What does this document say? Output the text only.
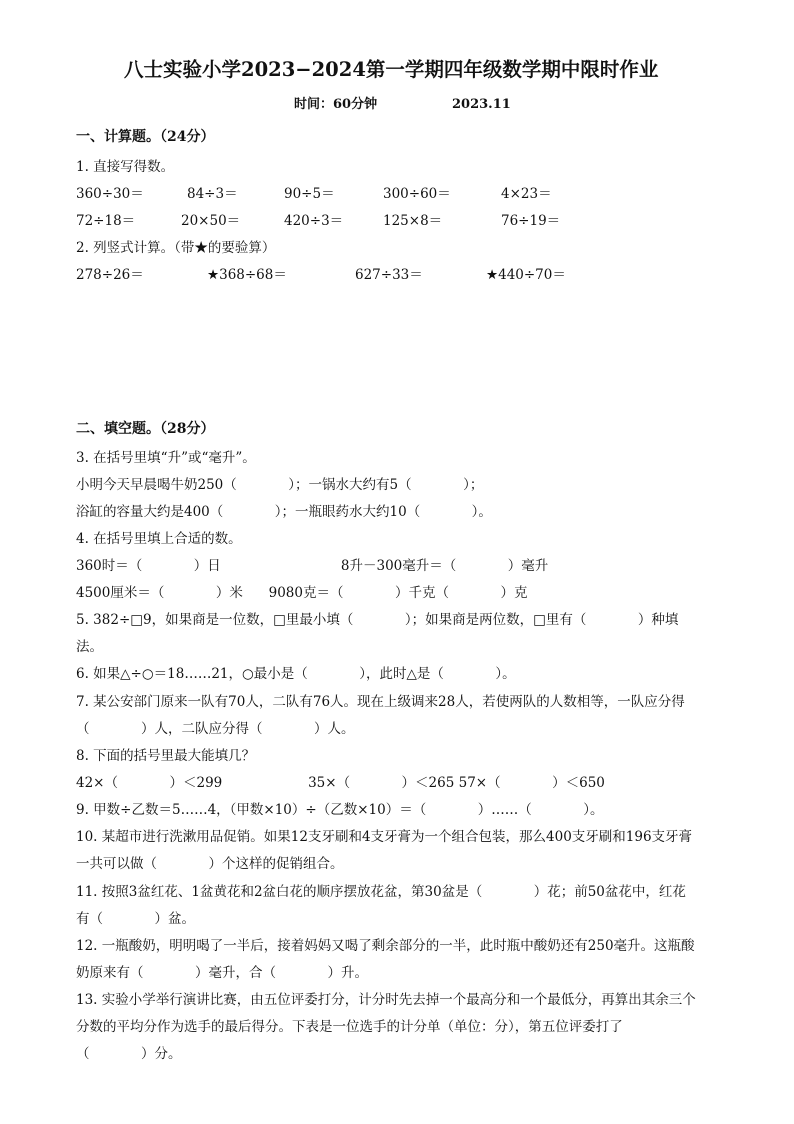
八士实验小学2023−2024第一学期四年级数学期中限时作业
时间：60分钟	2023.11
一、计算题。（24分）
1. 直接写得数。
360÷30＝	84÷3＝	90÷5＝	300÷60＝	4×23＝
72÷18＝	20×50＝	420÷3＝	125×8＝	76÷19＝
2. 列竖式计算。（带★的要验算）
278÷26＝	★368÷68＝	627÷33＝	★440÷70＝
二、填空题。（28分）
3. 在括号里填“升”或“毫升”。
小明今天早晨喝牛奶250（            ）；一锅水大约有5（            ）；
浴缸的容量大约是400（            ）；一瓶眼药水大约10（            ）。
4. 在括号里填上合适的数。
360时＝（            ）日                            8升－300毫升＝（            ）毫升
4500厘米＝（            ）米      9080克＝（            ）千克（            ）克
5. 382÷□9，如果商是一位数，□里最小填（            ）；如果商是两位数，□里有（            ）种填
法。
6. 如果△÷○＝18……21，○最小是（            ），此时△是（            ）。
7. 某公安部门原来一队有70人，二队有76人。现在上级调来28人，若使两队的人数相等，一队应分得
（            ）人，二队应分得（            ）人。
8. 下面的括号里最大能填几？
42×（            ）＜299                    35×（            ）＜265 57×（            ）＜650
9. 甲数÷乙数＝5……4，（甲数×10）÷（乙数×10）＝（            ）……（            ）。
10. 某超市进行洗漱用品促销。如果12支牙刷和4支牙膏为一个组合包装，那么400支牙刷和196支牙膏
一共可以做（            ）个这样的促销组合。
11. 按照3盆红花、1盆黄花和2盆白花的顺序摆放花盆，第30盆是（            ）花；前50盆花中，红花
有（            ）盆。
12. 一瓶酸奶，明明喝了一半后，接着妈妈又喝了剩余部分的一半，此时瓶中酸奶还有250毫升。这瓶酸
奶原来有（            ）毫升，合（            ）升。
13. 实验小学举行演讲比赛，由五位评委打分，计分时先去掉一个最高分和一个最低分，再算出其余三个
分数的平均分作为选手的最后得分。下表是一位选手的计分单（单位：分），第五位评委打了
（            ）分。
